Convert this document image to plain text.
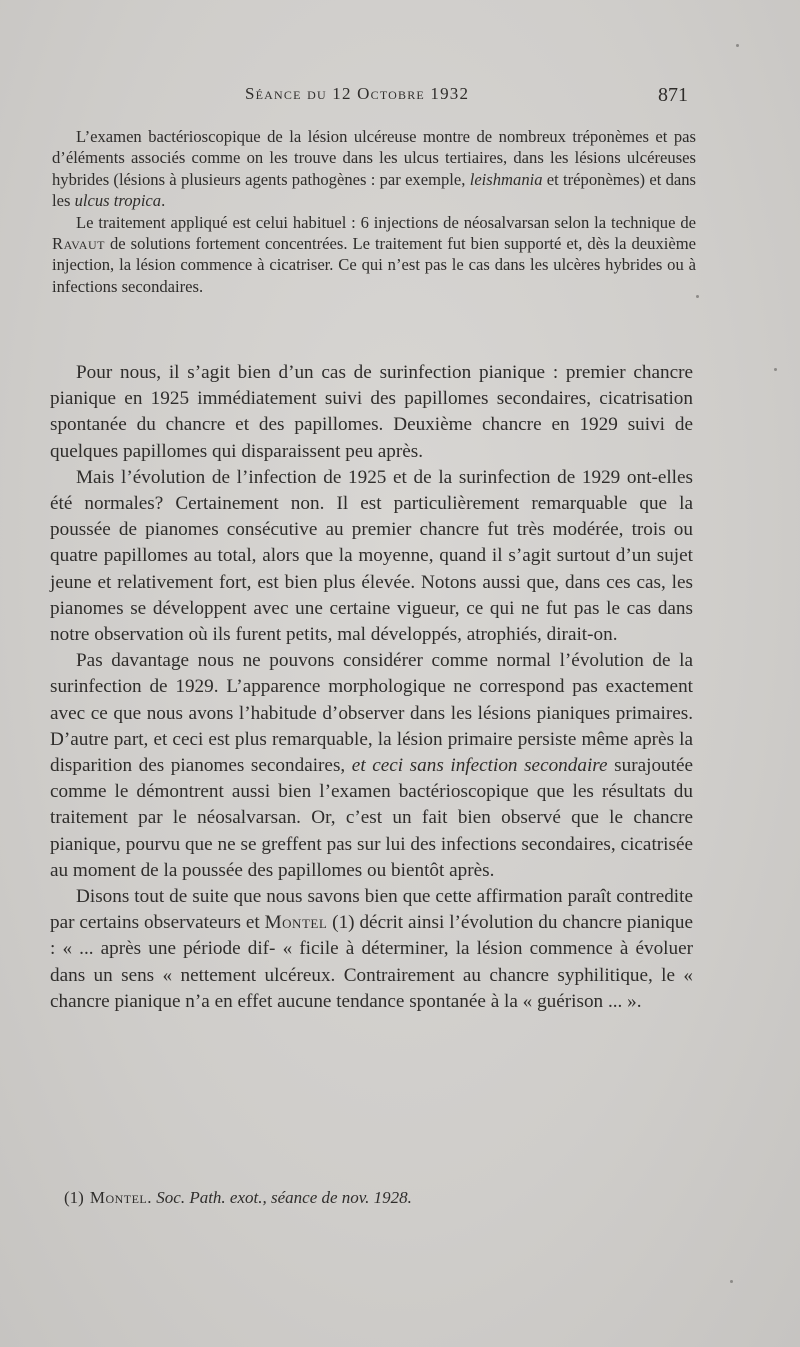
Séance du 12 Octobre 1932	871

L’examen bactérioscopique de la lésion ulcéreuse montre de nombreux tréponèmes et pas d’éléments associés comme on les trouve dans les ulcus tertiaires, dans les lésions ulcéreuses hybrides (lésions à plusieurs agents pathogènes : par exemple, leishmania et tréponèmes) et dans les ulcus tropica.

Le traitement appliqué est celui habituel : 6 injections de néosalvarsan selon la technique de Ravaut de solutions fortement concentrées. Le traitement fut bien supporté et, dès la deuxième injection, la lésion commence à cicatriser. Ce qui n’est pas le cas dans les ulcères hybrides ou à infections secondaires.

Pour nous, il s’agit bien d’un cas de surinfection pianique : premier chancre pianique en 1925 immédiatement suivi des papillomes secondaires, cicatrisation spontanée du chancre et des papillomes. Deuxième chancre en 1929 suivi de quelques papillomes qui disparaissent peu après.

Mais l’évolution de l’infection de 1925 et de la surinfection de 1929 ont-elles été normales? Certainement non. Il est particulièrement remarquable que la poussée de pianomes consécutive au premier chancre fut très modérée, trois ou quatre papillomes au total, alors que la moyenne, quand il s’agit surtout d’un sujet jeune et relativement fort, est bien plus élevée. Notons aussi que, dans ces cas, les pianomes se développent avec une certaine vigueur, ce qui ne fut pas le cas dans notre observation où ils furent petits, mal développés, atrophiés, dirait-on.

Pas davantage nous ne pouvons considérer comme normal l’évolution de la surinfection de 1929. L’apparence morphologique ne correspond pas exactement avec ce que nous avons l’habitude d’observer dans les lésions pianiques primaires. D’autre part, et ceci est plus remarquable, la lésion primaire persiste même après la disparition des pianomes secondaires, et ceci sans infection secondaire surajoutée comme le démontrent aussi bien l’examen bactérioscopique que les résultats du traitement par le néosalvarsan. Or, c’est un fait bien observé que le chancre pianique, pourvu que ne se greffent pas sur lui des infections secondaires, cicatrisée au moment de la poussée des papillomes ou bientôt après.

Disons tout de suite que nous savons bien que cette affirmation paraît contredite par certains observateurs et Montel (1) décrit ainsi l’évolution du chancre pianique : « ... après une période dif- « ficile à déterminer, la lésion commence à évoluer dans un sens « nettement ulcéreux. Contrairement au chancre syphilitique, le « chancre pianique n’a en effet aucune tendance spontanée à la « guérison ... ».

(1) Montel. Soc. Path. exot., séance de nov. 1928.
